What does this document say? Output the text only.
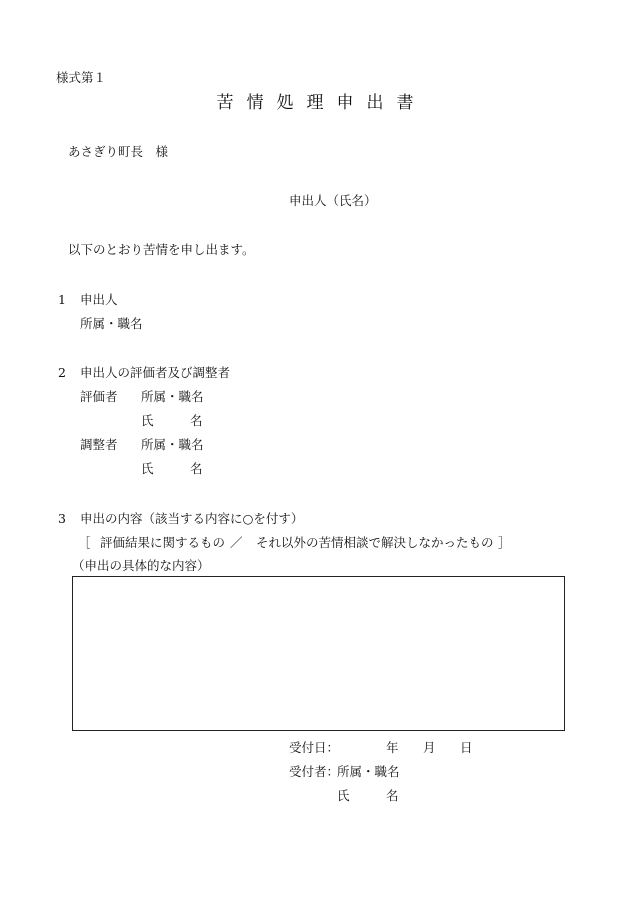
様式第１
苦情処理申出書
あさぎり町長　様
申出人（氏名）
以下のとおり苦情を申し出ます。
1 申出人
所属・職名
2 申出人の評価者及び調整者
評価者 所属・職名
氏	名
調整者 所属・職名
氏	名
3 申出の内容（該当する内容に○を付す）
［ 評価結果に関するもの ／ それ以外の苦情相談で解決しなかったもの ］
（申出の具体的な内容）
受付日：	年 月 日
受付者：
所属・職名
氏	名
